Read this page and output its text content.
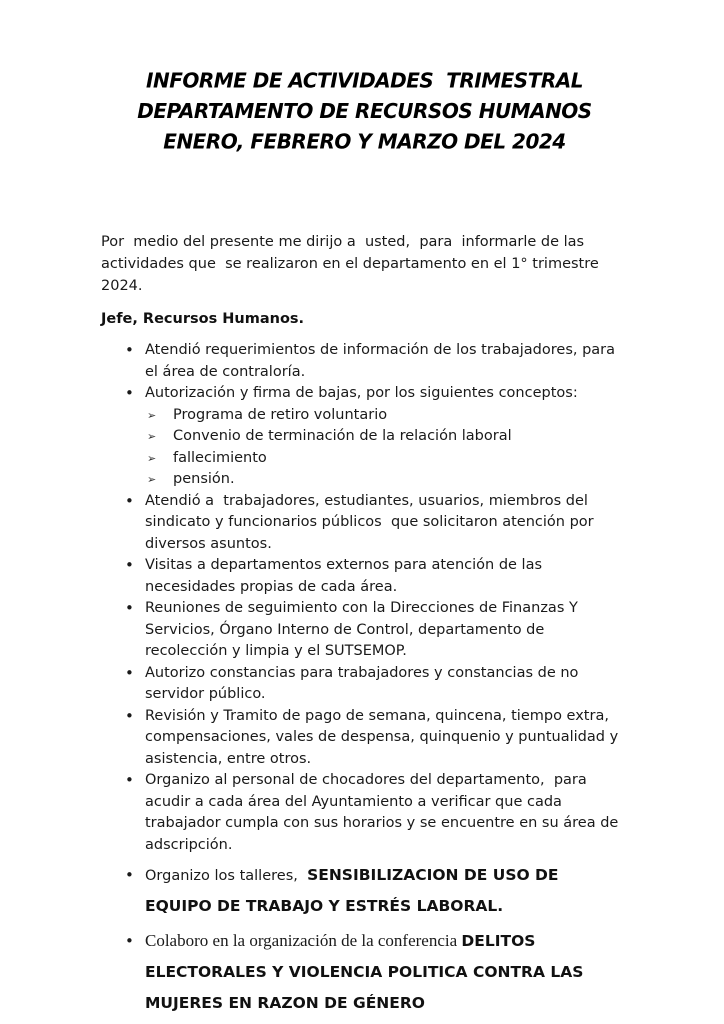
INFORME DE ACTIVIDADES  TRIMESTRAL
DEPARTAMENTO DE RECURSOS HUMANOS
ENERO, FEBRERO Y MARZO DEL 2024

Por  medio del presente me dirijo a  usted,  para  informarle de las  actividades que  se realizaron en el departamento en el 1° trimestre 2024.

Jefe, Recursos Humanos.

• Atendió requerimientos de información de los trabajadores, para el área de contraloría.
• Autorización y firma de bajas, por los siguientes conceptos:
➢ Programa de retiro voluntario
➢ Convenio de terminación de la relación laboral
➢ fallecimiento
➢ pensión.
• Atendió a  trabajadores, estudiantes, usuarios, miembros del sindicato y funcionarios públicos  que solicitaron atención por diversos asuntos.
• Visitas a departamentos externos para atención de las necesidades propias de cada área.
• Reuniones de seguimiento con la Direcciones de Finanzas Y Servicios, Órgano Interno de Control, departamento de recolección y limpia y el SUTSEMOP.
• Autorizo constancias para trabajadores y constancias de no servidor público.
• Revisión y Tramito de pago de semana, quincena, tiempo extra, compensaciones, vales de despensa, quinquenio y puntualidad y asistencia, entre otros.
• Organizo al personal de chocadores del departamento,  para acudir a cada área del Ayuntamiento a verificar que cada trabajador cumpla con sus horarios y se encuentre en su área de adscripción.
• Organizo los talleres,  SENSIBILIZACION DE USO DE EQUIPO DE TRABAJO Y ESTRÉS LABORAL.
• Colaboro en la organización de la conferencia DELITOS ELECTORALES Y VIOLENCIA POLITICA CONTRA LAS MUJERES EN RAZON DE GÉNERO
